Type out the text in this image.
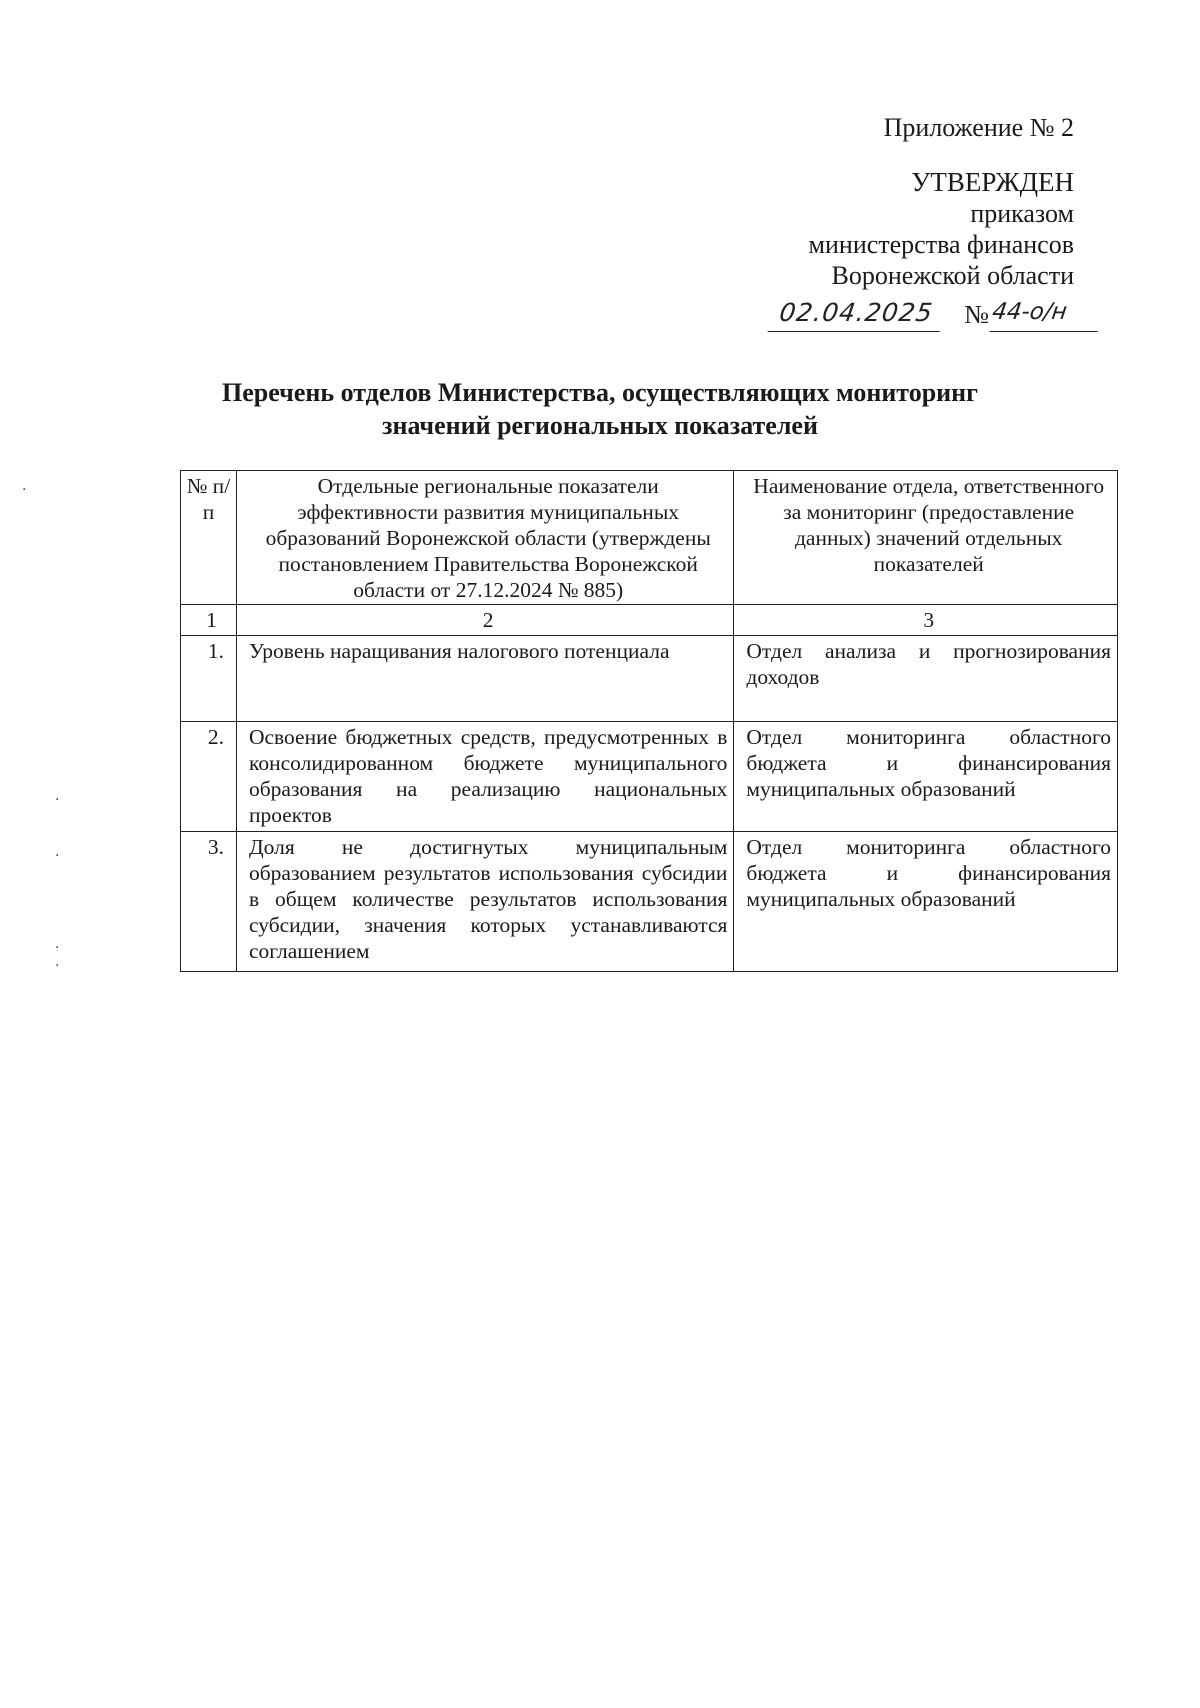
Приложение № 2
УТВЕРЖДЕН
приказом
министерства финансов
Воронежской области
02.04.2025	№ 44-о/н
Перечень отделов Министерства, осуществляющих мониторинг
значений региональных показателей
№ п/п	Отдельные региональные показатели эффективности развития муниципальных образований Воронежской области (утверждены постановлением Правительства Воронежской области от 27.12.2024 № 885)	Наименование отдела, ответственного за мониторинг (предоставление данных) значений отдельных показателей
1	2	3
1.	Уровень наращивания налогового потенциала	Отдел анализа и прогнозирования доходов
2.	Освоение бюджетных средств, предусмотренных в консолидированном бюджете муниципального образования на реализацию национальных проектов	Отдел мониторинга областного бюджета и финансирования муниципальных образований
3.	Доля не достигнутых муниципальным образованием результатов использования субсидии в общем количестве результатов использования субсидии, значения которых устанавливаются соглашением	Отдел мониторинга областного бюджета и финансирования муниципальных образований
·
·
·
·
·
